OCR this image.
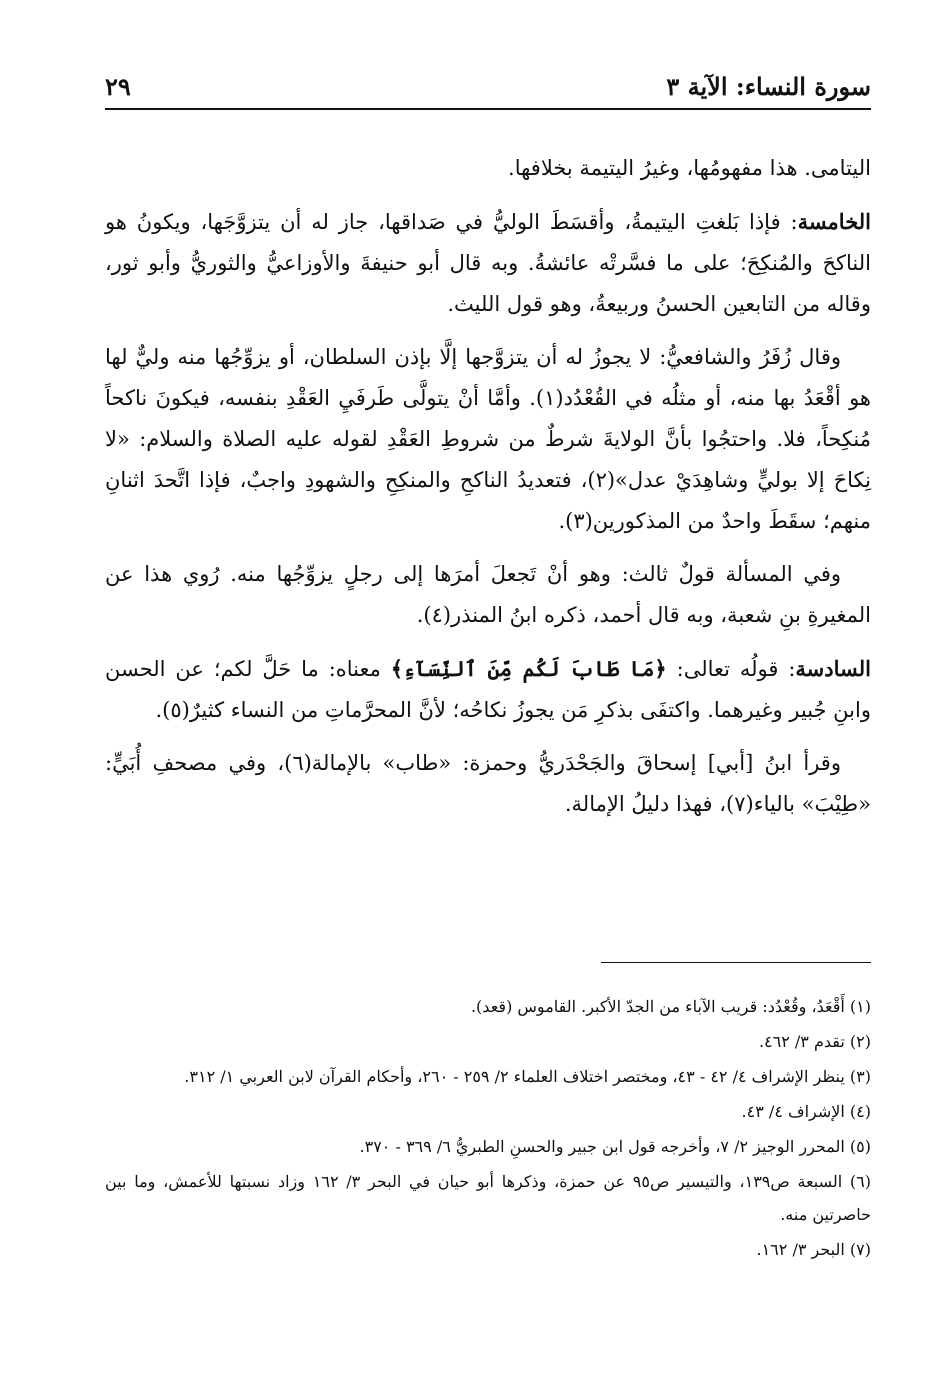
سورة النساء: الآية ٣
٢٩

اليتامى. هذا مفهومُها، وغيرُ اليتيمة بخلافها.

الخامسة: فإذا بَلغتِ اليتيمةُ، وأقسَطَ الوليُّ في صَداقها، جاز له أن يتزوَّجَها، ويكونُ هو الناكحَ والمُنكِحَ؛ على ما فسَّرتْه عائشةُ. وبه قال أبو حنيفةَ والأوزاعيُّ والثوريُّ وأبو ثور، وقاله من التابعين الحسنُ وربيعةُ، وهو قول الليث.

وقال زُفَرُ والشافعيُّ: لا يجوزُ له أن يتزوَّجها إلَّا بإذن السلطان، أو يزوِّجُها منه وليٌّ لها هو أقْعَدُ بها منه، أو مثلُه في القُعْدُد(١). وأمَّا أنْ يتولَّى طَرفَيِ العَقْدِ بنفسه، فيكونَ ناكحاً مُنكِحاً، فلا. واحتجُوا بأنَّ الولايةَ شرطٌ من شروطِ العَقْدِ لقوله عليه الصلاة والسلام: «لا نِكاحَ إلا بوليٍّ وشاهِدَيْ عدل»(٢)، فتعديدُ الناكحِ والمنكِحِ والشهودِ واجبٌ، فإذا اتَّحدَ اثنانِ منهم؛ سقَطَ واحدٌ من المذكورين(٣).

وفي المسألة قولٌ ثالث: وهو أنْ تَجعلَ أمرَها إلى رجلٍ يزوِّجُها منه. رُوي هذا عن المغيرةِ بنِ شعبة، وبه قال أحمد، ذكره ابنُ المنذر(٤).

السادسة: قولُه تعالى: ﴿مَا طَابَ لَكُم مِّنَ ٱلنِّسَآءِ﴾ معناه: ما حَلَّ لكم؛ عن الحسن وابنِ جُبير وغيرهما. واكتفَى بذكرِ مَن يجوزُ نكاحُه؛ لأنَّ المحرَّماتِ من النساء كثيرٌ(٥).

وقرأ ابنُ [أبي] إسحاقَ والجَحْدَريُّ وحمزة: «طاب» بالإمالة(٦)، وفي مصحفِ أُبَيٍّ: «طِيْبَ» بالياء(٧)، فهذا دليلُ الإمالة.

(١) أَقْعَدُ، وقُعْدُد: قريب الآباء من الجدّ الأكبر. القاموس (قعد).
(٢) تقدم ٣/ ٤٦٢.
(٣) ينظر الإشراف ٤/ ٤٢ - ٤٣، ومختصر اختلاف العلماء ٢/ ٢٥٩ - ٢٦٠، وأحكام القرآن لابن العربي ١/ ٣١٢.
(٤) الإشراف ٤/ ٤٣.
(٥) المحرر الوجيز ٢/ ٧، وأخرجه قول ابن جبير والحسنِ الطبريُّ ٦/ ٣٦٩ - ٣٧٠.
(٦) السبعة ص١٣٩، والتيسير ص٩٥ عن حمزة، وذكرها أبو حيان في البحر ٣/ ١٦٢ وزاد نسبتها للأعمش، وما بين حاصرتين منه.
(٧) البحر ٣/ ١٦٢.
